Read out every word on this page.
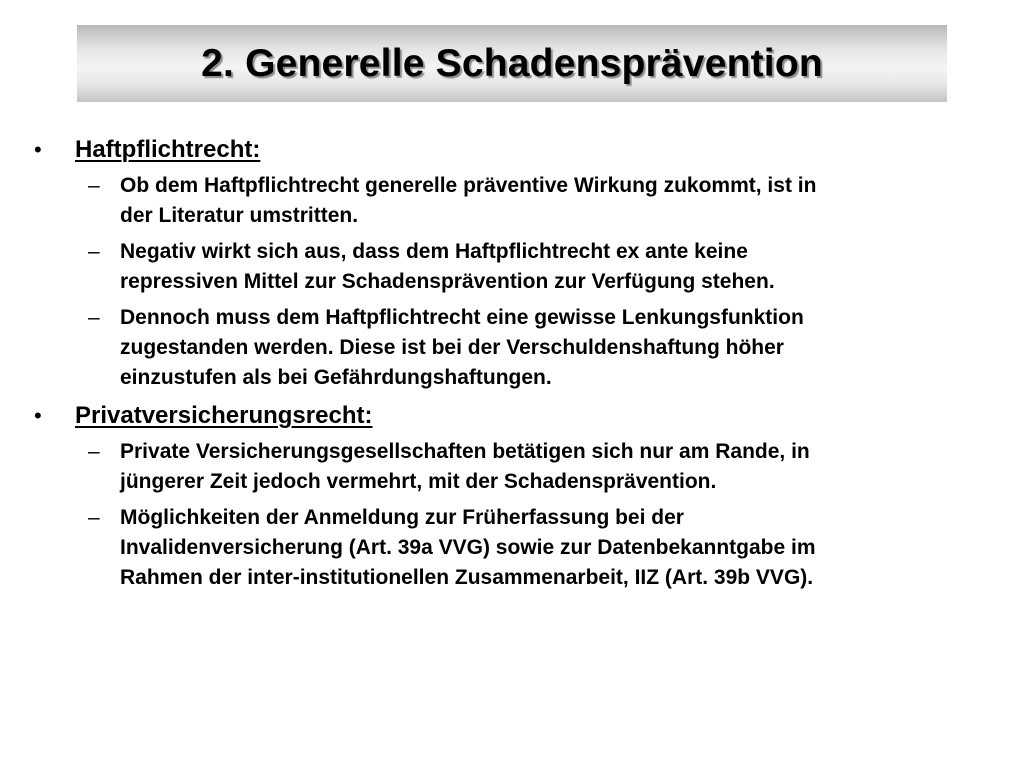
2. Generelle Schadensprävention
• Haftpflichtrecht:
– Ob dem Haftpflichtrecht generelle präventive Wirkung zukommt, ist in
der Literatur umstritten.
– Negativ wirkt sich aus, dass dem Haftpflichtrecht ex ante keine
repressiven Mittel zur Schadensprävention zur Verfügung stehen.
– Dennoch muss dem Haftpflichtrecht eine gewisse Lenkungsfunktion
zugestanden werden. Diese ist bei der Verschuldenshaftung höher
einzustufen als bei Gefährdungshaftungen.
• Privatversicherungsrecht:
– Private Versicherungsgesellschaften betätigen sich nur am Rande, in
jüngerer Zeit jedoch vermehrt, mit der Schadensprävention.
– Möglichkeiten der Anmeldung zur Früherfassung bei der
Invalidenversicherung (Art. 39a VVG) sowie zur Datenbekanntgabe im
Rahmen der inter-institutionellen Zusammenarbeit, IIZ (Art. 39b VVG).
